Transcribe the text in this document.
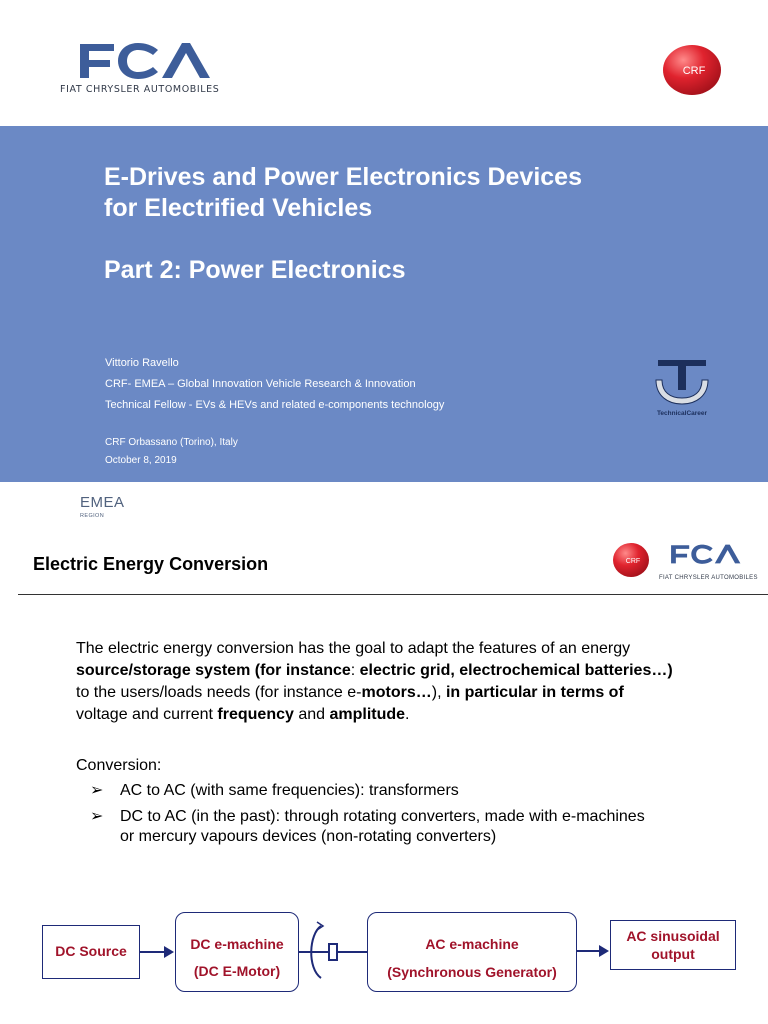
FIAT CHRYSLER AUTOMOBILES
CRF
E-Drives and Power Electronics Devices
for Electrified Vehicles
Part 2: Power Electronics
Vittorio Ravello
CRF- EMEA – Global Innovation Vehicle Research & Innovation
Technical Fellow - EVs & HEVs and related e-components technology
CRF Orbassano (Torino), Italy
October 8, 2019
TechnicalCareer
EMEA
REGION
Electric Energy Conversion	CRF
FIAT CHRYSLER AUTOMOBILES
The electric energy conversion has the goal to adapt the features of an energy
source/storage system (for instance: electric grid, electrochemical batteries…)
to the users/loads needs (for instance e-motors…), in particular in terms of
voltage and current frequency and amplitude.
Conversion:
➢ AC to AC (with same frequencies): transformers
➢ DC to AC (in the past): through rotating converters, made with e-machines
or mercury vapours devices (non-rotating converters)
DC Source	DC e-machine
(DC E-Motor)
AC e-machine
(Synchronous Generator)
AC sinusoidal
output
